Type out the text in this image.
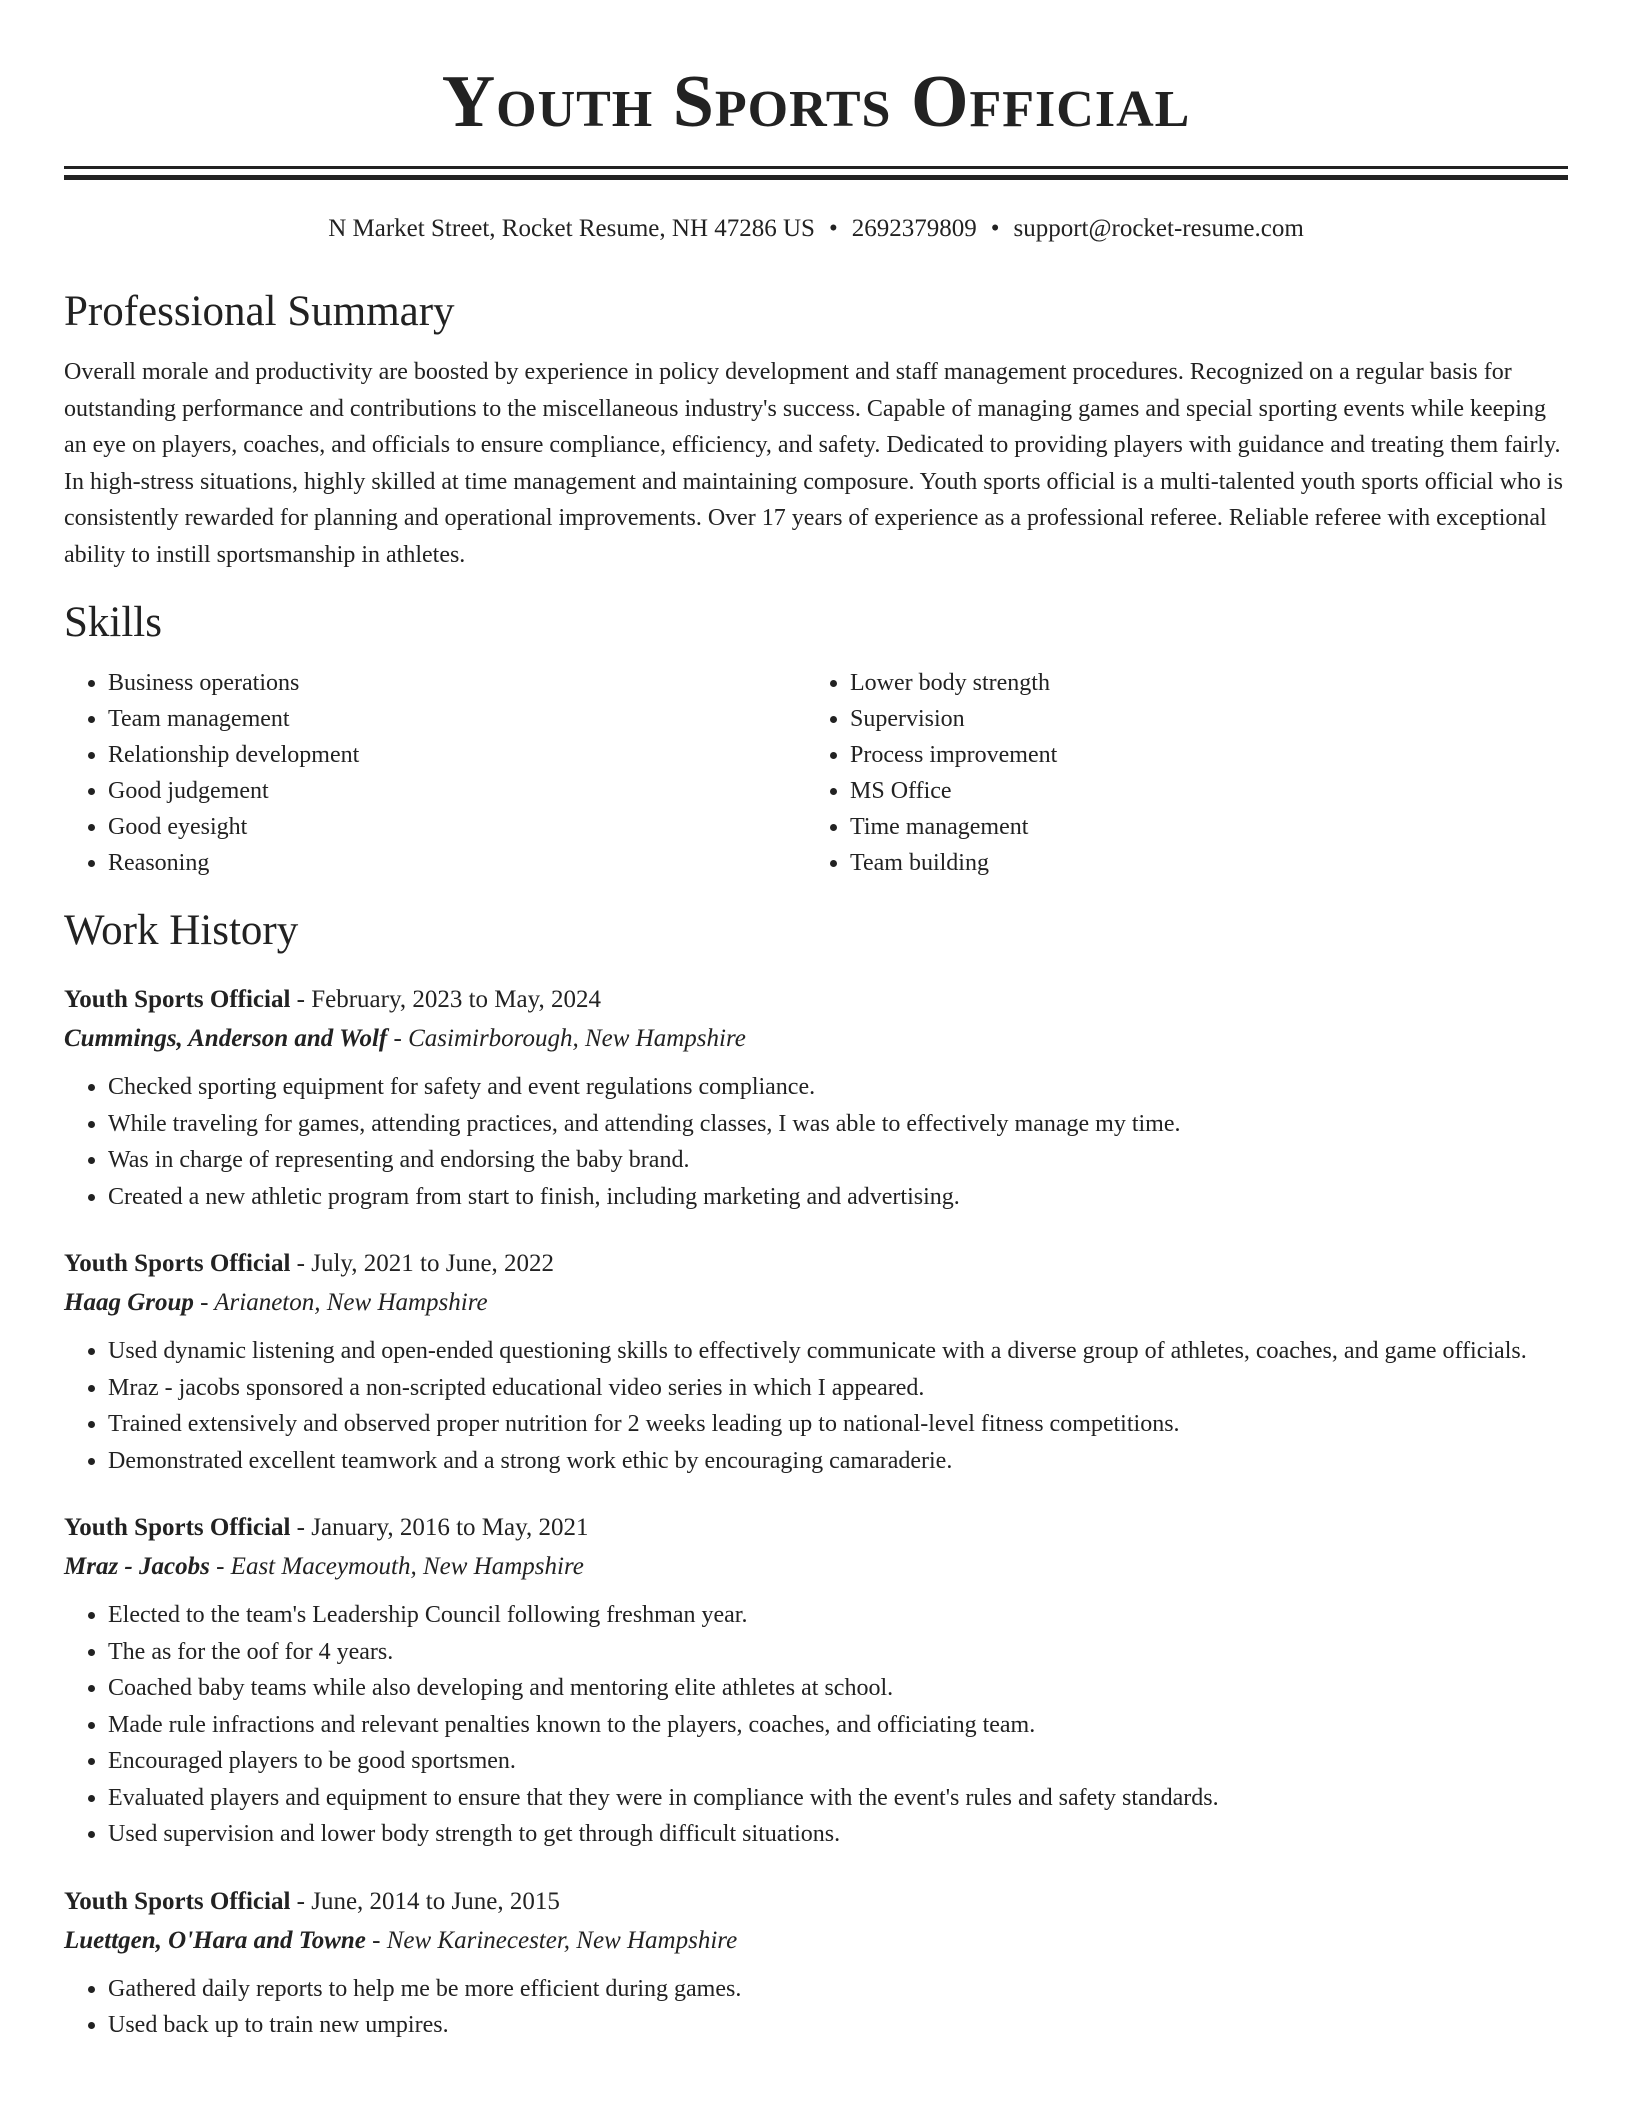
Youth Sports Official
N Market Street, Rocket Resume, NH 47286 US • 2692379809 • support@rocket-resume.com
Professional Summary

Overall morale and productivity are boosted by experience in policy development and staff management procedures. Recognized on a regular basis for outstanding performance and contributions to the miscellaneous industry's success. Capable of managing games and special sporting events while keeping an eye on players, coaches, and officials to ensure compliance, efficiency, and safety. Dedicated to providing players with guidance and treating them fairly. In high-stress situations, highly skilled at time management and maintaining composure. Youth sports official is a multi-talented youth sports official who is consistently rewarded for planning and operational improvements. Over 17 years of experience as a professional referee. Reliable referee with exceptional ability to instill sportsmanship in athletes.

Skills
• Business operations
• Team management
• Relationship development
• Good judgement
• Good eyesight
• Reasoning
• Lower body strength
• Supervision
• Process improvement
• MS Office
• Time management
• Team building
Work History
Youth Sports Official - February, 2023 to May, 2024
Cummings, Anderson and Wolf - Casimirborough, New Hampshire
• Checked sporting equipment for safety and event regulations compliance.
• While traveling for games, attending practices, and attending classes, I was able to effectively manage my time.
• Was in charge of representing and endorsing the baby brand.
• Created a new athletic program from start to finish, including marketing and advertising.
Youth Sports Official - July, 2021 to June, 2022
Haag Group - Arianeton, New Hampshire
• Used dynamic listening and open-ended questioning skills to effectively communicate with a diverse group of athletes, coaches, and game officials.
• Mraz - jacobs sponsored a non-scripted educational video series in which I appeared.
• Trained extensively and observed proper nutrition for 2 weeks leading up to national-level fitness competitions.
• Demonstrated excellent teamwork and a strong work ethic by encouraging camaraderie.
Youth Sports Official - January, 2016 to May, 2021
Mraz - Jacobs - East Maceymouth, New Hampshire
• Elected to the team's Leadership Council following freshman year.
• The as for the oof for 4 years.
• Coached baby teams while also developing and mentoring elite athletes at school.
• Made rule infractions and relevant penalties known to the players, coaches, and officiating team.
• Encouraged players to be good sportsmen.
• Evaluated players and equipment to ensure that they were in compliance with the event's rules and safety standards.
• Used supervision and lower body strength to get through difficult situations.
Youth Sports Official - June, 2014 to June, 2015
Luettgen, O'Hara and Towne - New Karinecester, New Hampshire
• Gathered daily reports to help me be more efficient during games.
• Used back up to train new umpires.
